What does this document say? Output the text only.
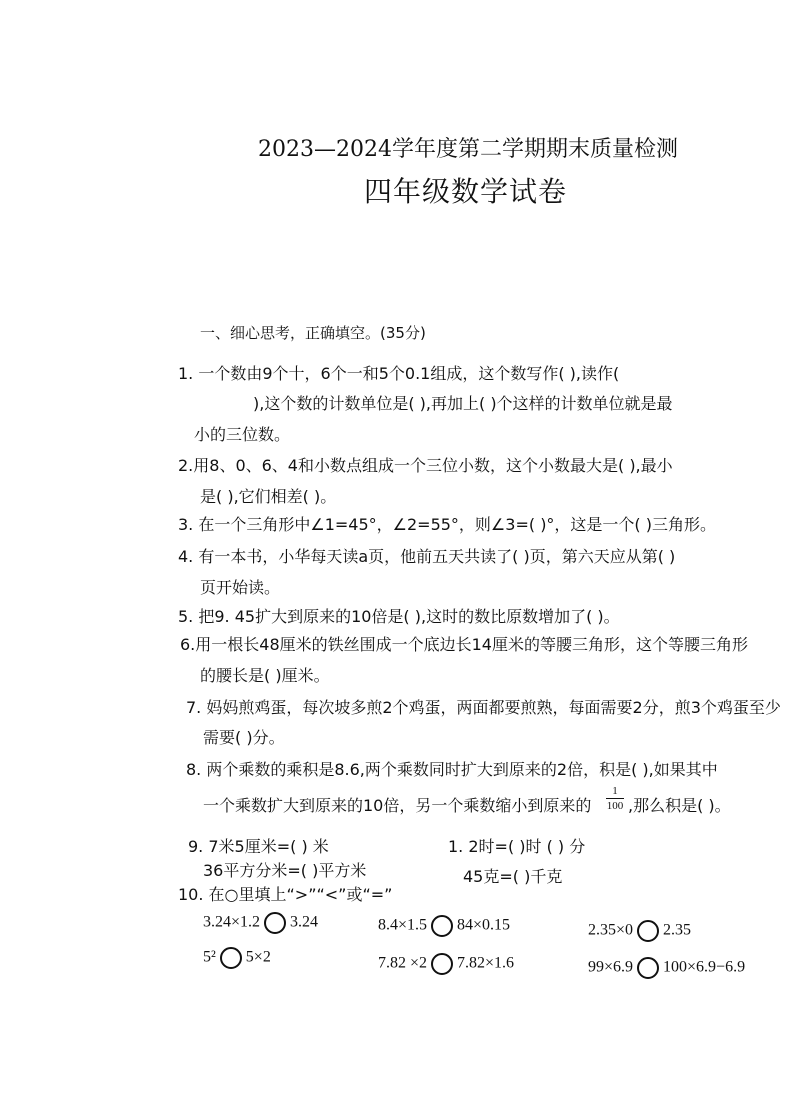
2023—2024学年度第二学期期末质量检测
四年级数学试卷
一、细心思考，正确填空。(35分)
1. 一个数由9个十，6个一和5个0.1组成，这个数写作( ),读作(
),这个数的计数单位是( ),再加上( )个这样的计数单位就是最
小的三位数。
2.用8、0、6、4和小数点组成一个三位小数，这个小数最大是( ),最小
是( ),它们相差( )。
3. 在一个三角形中∠1=45°，∠2=55°，则∠3=( )°，这是一个( )三角形。
4. 有一本书，小华每天读a页，他前五天共读了( )页，第六天应从第( )
页开始读。
5. 把9. 45扩大到原来的10倍是( ),这时的数比原数增加了( )。
6.用一根长48厘米的铁丝围成一个底边长14厘米的等腰三角形，这个等腰三角形
的腰长是( )厘米。
7. 妈妈煎鸡蛋，每次坡多煎2个鸡蛋，两面都要煎熟，每面需要2分，煎3个鸡蛋至少
需要( )分。
8. 两个乘数的乘积是8.6,两个乘数同时扩大到原来的2倍，积是( ),如果其中
一个乘数扩大到原来的10倍，另一个乘数缩小到原来的
1
100 ,那么积是( )。
9. 7米5厘米=( ) 米	1. 2时=( )时 ( ) 分
36平方分米=( )平方米	45克=( )千克
10. 在○里填上“>”“<”或“=”
3.24×1.2 3.24	8.4×1.5 84×0.15	2.35×0 2.35
5² 5×2	7.82 ×2 7.82×1.6	99×6.9 100×6.9−6.9
